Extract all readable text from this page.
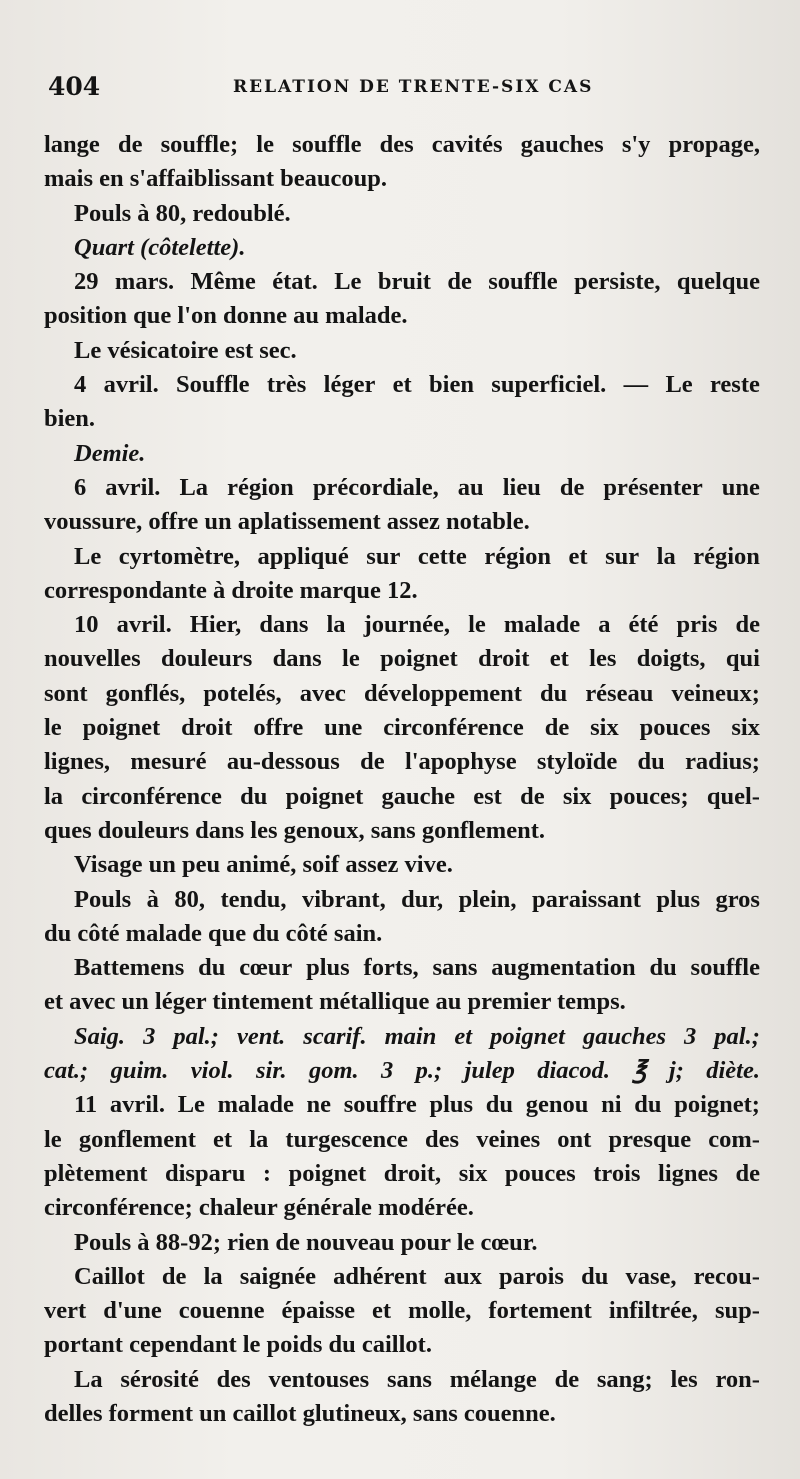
404	RELATION DE TRENTE-SIX CAS
lange de souffle; le souffle des cavités gauches s'y propage,
mais en s'affaiblissant beaucoup.
Pouls à 80, redoublé.
Quart (côtelette).
29 mars. Même état. Le bruit de souffle persiste, quelque
position que l'on donne au malade.
Le vésicatoire est sec.
4 avril. Souffle très léger et bien superficiel. — Le reste
bien.
Demie.
6 avril. La région précordiale, au lieu de présenter une
voussure, offre un aplatissement assez notable.
Le cyrtomètre, appliqué sur cette région et sur la région
correspondante à droite marque 12.
10 avril. Hier, dans la journée, le malade a été pris de
nouvelles douleurs dans le poignet droit et les doigts, qui
sont gonflés, potelés, avec développement du réseau veineux;
le poignet droit offre une circonférence de six pouces six
lignes, mesuré au-dessous de l'apophyse styloïde du radius;
la circonférence du poignet gauche est de six pouces; quel-
ques douleurs dans les genoux, sans gonflement.
Visage un peu animé, soif assez vive.
Pouls à 80, tendu, vibrant, dur, plein, paraissant plus gros
du côté malade que du côté sain.
Battemens du cœur plus forts, sans augmentation du souffle
et avec un léger tintement métallique au premier temps.
Saig. 3 pal.; vent. scarif. main et poignet gauches 3 pal.;
cat.; guim. viol. sir. gom. 3 p.; julep diacod. ℥ j; diète.
11 avril. Le malade ne souffre plus du genou ni du poignet;
le gonflement et la turgescence des veines ont presque com-
plètement disparu : poignet droit, six pouces trois lignes de
circonférence; chaleur générale modérée.
Pouls à 88-92; rien de nouveau pour le cœur.
Caillot de la saignée adhérent aux parois du vase, recou-
vert d'une couenne épaisse et molle, fortement infiltrée, sup-
portant cependant le poids du caillot.
La sérosité des ventouses sans mélange de sang; les ron-
delles forment un caillot glutineux, sans couenne.
